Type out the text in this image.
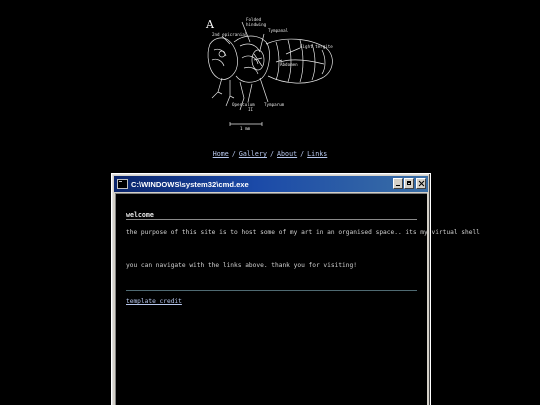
A	Folded
hindwing
2nd epicranial
Tympanal
Eight tergite
Abdomen
Operculum
II
Tymparum
1 mm
Home / Gallery / About / Links
C:\WINDOWS\system32\cmd.exe
welcome
the purpose of this site is to host some of my art in an organised space.. its my virtual shell
you can navigate with the links above. thank you for visiting!
template credit
